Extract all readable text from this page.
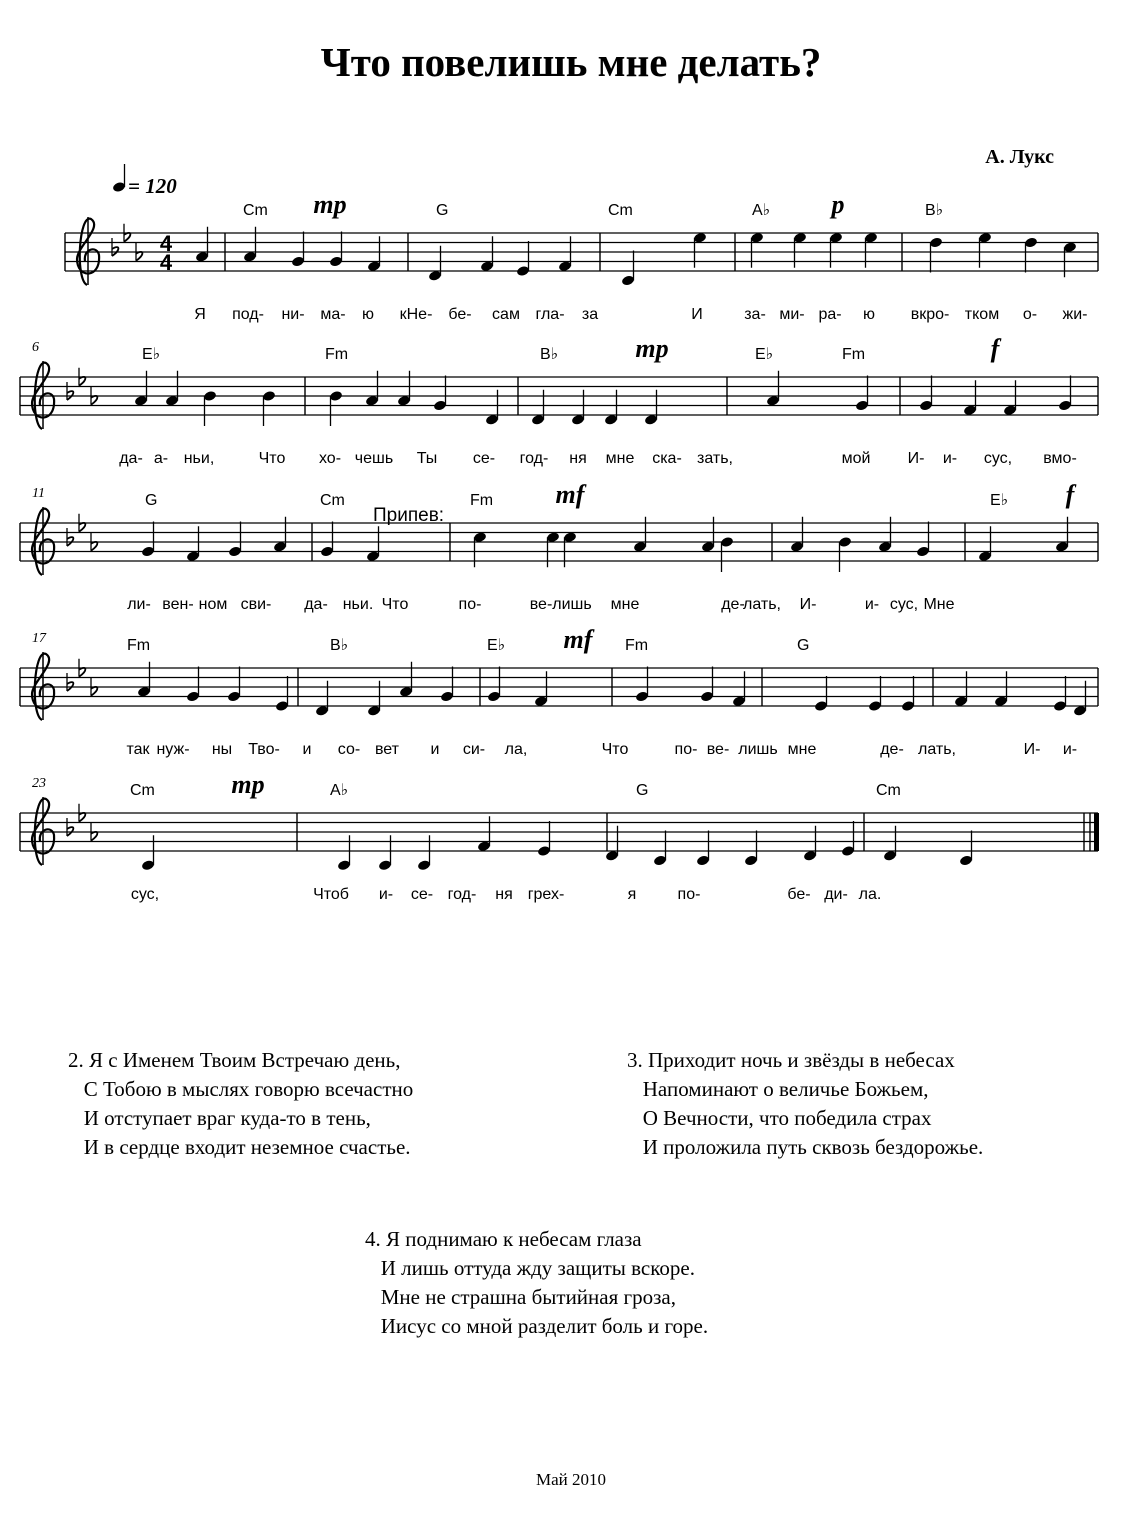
Что повелишь мне делать?
А. Лукс
4
4
Cm	G	Cm	A♭	B♭
mp	p
Я под- ни- ма- ю кНе- бе- сам гла- за	И	за- ми- ра- ю вкро- тком о- жи-
6	E♭	Fm	B♭	E♭	Fm
mp	f
да- а- ньи,	Что хо- чешь Ты се- год- ня мне ска- зать,	мой И- и- сус, вмо-
11	G	Cm	Fm	E♭
mf	f
ли- вен- ном сви- да- ньи. Что	по-	ве- лишь мне	де-
лать, И-	и- сус, Мне
17	Fm	B♭	E♭	Fm	G
mf
так нуж- ны Тво- и со- вет и си- ла,	Что	по- ве- лишь мне	де- лать,	И- и-
23	Cm	A♭	G	Cm
mp
сус,	Чтоб и- се- год- ня грех-	я	по-	бе- ди- ла.
= 120
Припев:
2. Я с Именем Твоим Встречаю день,
С Тобою в мыслях говорю всечастно
И отступает враг куда-то в тень,
И в сердце входит неземное счастье.
3. Приходит ночь и звёзды в небесах
Напоминают о величье Божьем,
О Вечности, что победила страх
И проложила путь сквозь бездорожье.
4. Я поднимаю к небесам глаза
И лишь оттуда жду защиты вскоре.
Мне не страшна бытийная гроза,
Иисус со мной разделит боль и горе.
Май 2010
